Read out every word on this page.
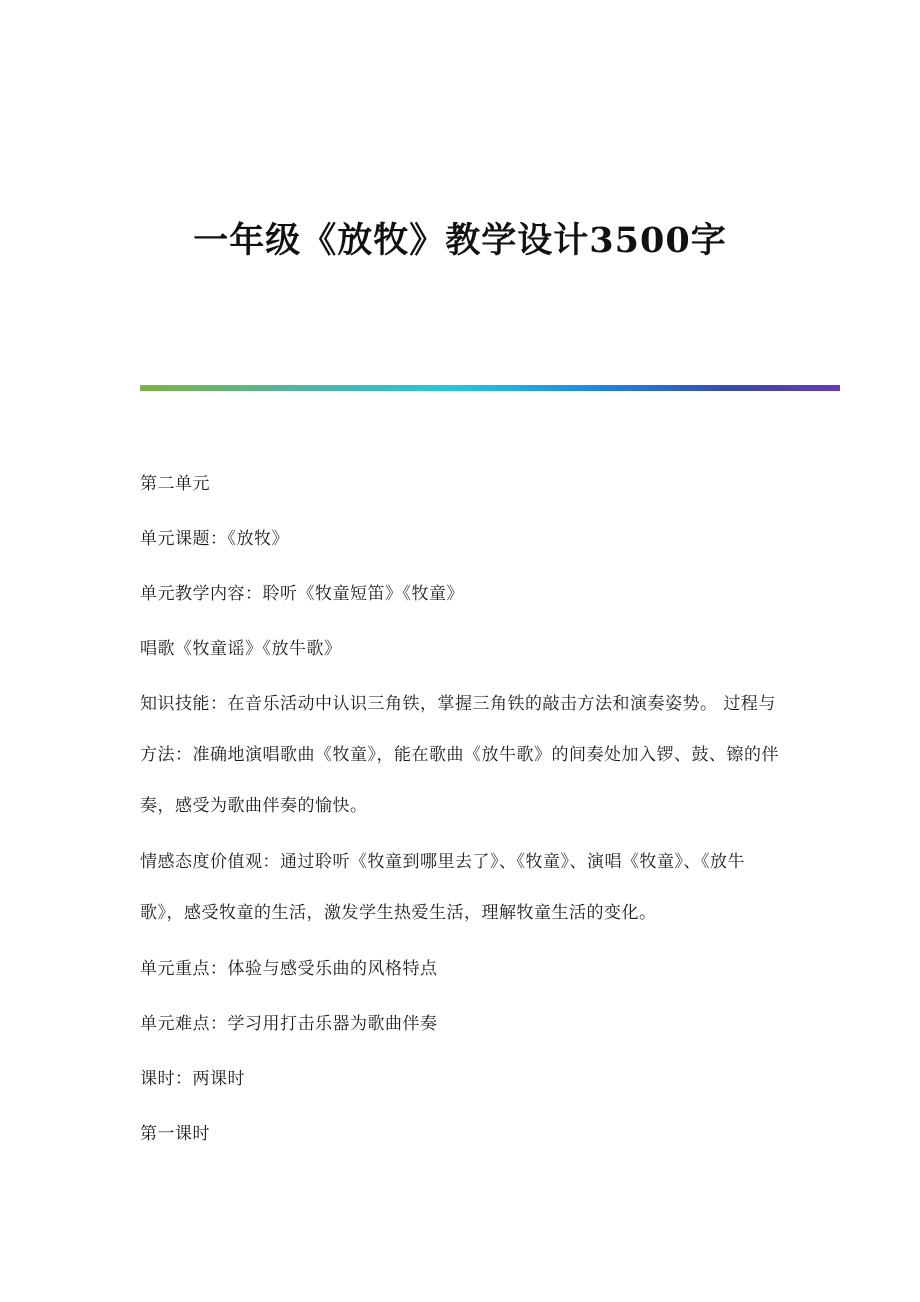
一年级《放牧》教学设计3500字

第二单元

单元课题：《放牧》

单元教学内容：聆听《牧童短笛》《牧童》

唱歌《牧童谣》《放牛歌》

知识技能：在音乐活动中认识三角铁，掌握三角铁的敲击方法和演奏姿势。 过程与方法：准确地演唱歌曲《牧童》，能在歌曲《放牛歌》的间奏处加入锣、鼓、镲的伴奏，感受为歌曲伴奏的愉快。

情感态度价值观：通过聆听《牧童到哪里去了》、《牧童》、演唱《牧童》、《放牛歌》，感受牧童的生活，激发学生热爱生活，理解牧童生活的变化。

单元重点：体验与感受乐曲的风格特点

单元难点：学习用打击乐器为歌曲伴奏

课时：两课时

第一课时
